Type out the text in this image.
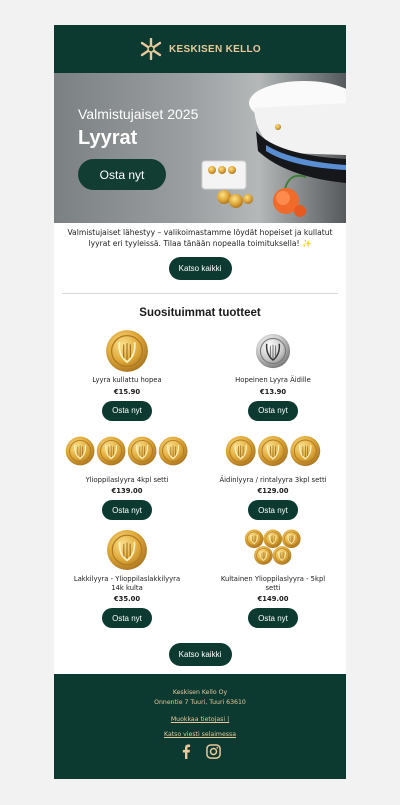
KESKISEN KELLO
Valmistujaiset 2025
Lyyrat
Osta nyt

Valmistujaiset lähestyy – valikoimastamme löydät hopeiset ja kullatut lyyrat eri tyyleissä. Tilaa tänään nopealla toimituksella! ✨

Katso kaikki
Suosituimmat tuotteet
Lyyra kullattu hopea
€15.90
Osta nyt
Hopeinen Lyyra Äidille
€13.90
Osta nyt
Ylioppilaslyyra 4kpl setti
€139.00
Osta nyt
Äidinlyyra / rintalyyra 3kpl setti
€129.00
Osta nyt
Lakkilyyra - Ylioppilaslakkilyyra 14k kulta
€35.00
Osta nyt
Kultainen Ylioppilaslyyra - 5kpl setti
€149.00
Osta nyt
Katso kaikki
Keskisen Kello Oy
Onnentie 7 Tuuri, Tuuri 63610
Muokkaa tietojasi |
Katso viesti selaimessa
